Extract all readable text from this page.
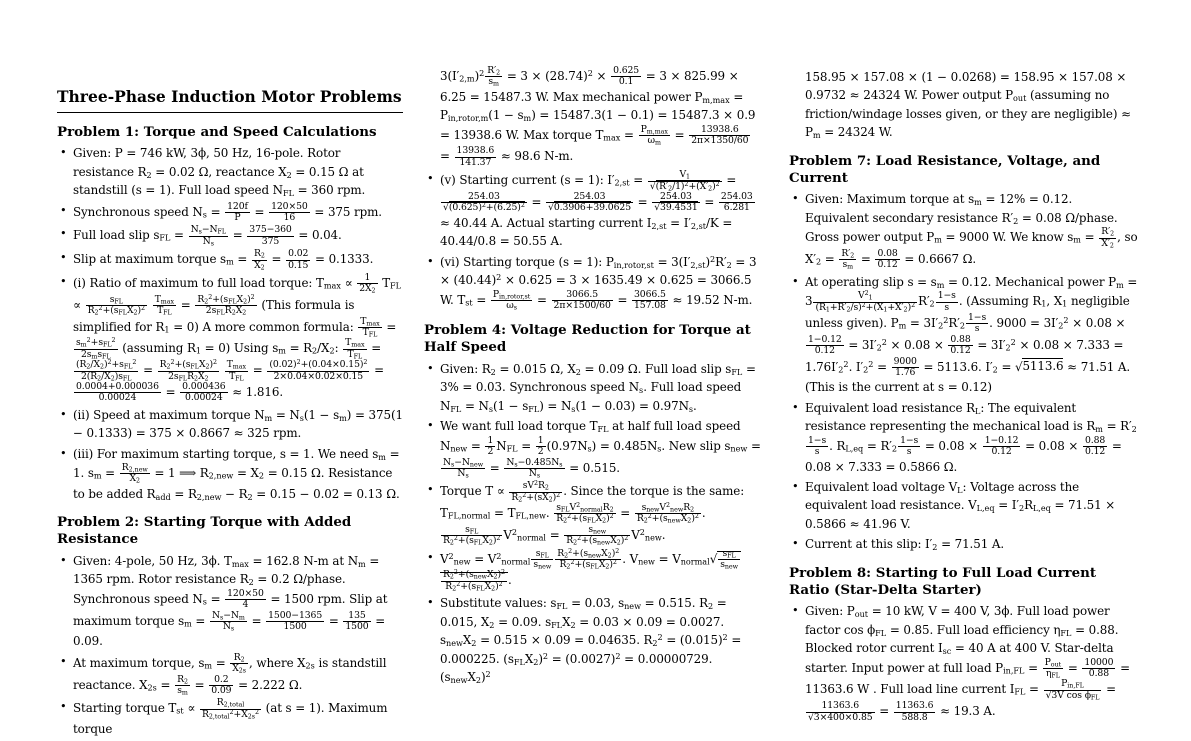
Three-Phase Induction Motor Problems
Problem 1: Torque and Speed Calculations
• Given: P = 746 kW, 3ϕ, 50 Hz, 16-pole. Rotor resistance $R_2 = 0.02$ Ω, reactance $X_2 = 0.15$ Ω at standstill (s = 1). Full load speed $N_{FL} = 360$ rpm.
• Synchronous speed $N_s = \frac{120f}{P} = \frac{120\times 50}{16} = 375$ rpm.
• Full load slip $s_{FL} = N_s-N_{FL}$
$N_s$
= $\frac{375-360}{375} = 0.04$.
• Slip at maximum torque $s_m = \frac{R_2}{X_2} = \frac{0.02}{0.15} = 0.1333$.
• (i) Ratio of maximum to full load torque: $T_{max} \propto \frac{1}{2X_2} T_{FL}$ ∝	$s_{FL}$
$R_2^2+(s_{FL}X_2)^2$

$T_{max}$
$T_{FL}$
= $R_2^2+(s_{FL}X_2)^2$
$2s_{FL}R_2X_2$
(This formula is simplified for $R_1 = 0$) A more common formula: $T_{max}$
$T_{FL}$
=
$s_m^2+s_{FL}^2$
$2s_ms_{FL}$
(assuming $R_1 = 0$) Using $s_m = R_2/X_2$: $T_{max}$
$T_{FL}$
=
$(R_2/X_2)^2+s_{FL}^2$
$2(R_2/X_2)s_{FL}$
= $R_2^2+(s_{FL}X_2)^2$
$2s_{FL}R_2X_2$

$T_{max}$
$T_{FL}$
= $\frac{(0.02)^2+(0.04\times 0.15)^2}{2\times 0.04\times 0.02\times 0.15}$ =
$\frac{0.0004+0.000036}{0.00024} = \frac{0.000436}{0.00024} \approx 1.816$.
• (ii) Speed at maximum torque $N_m = N_s(1 - s_m) = 375(1 - 0.1333) = 375 \times 0.8667 \approx 325$ rpm.
• (iii) For maximum starting torque, s = 1. We need $s_m = 1$. $s_m = R_{2,new}$
$X_2$
= 1 ⟹ $R_{2,new} = X_2 = 0.15$ Ω. Resistance to be added $R_{add} = R_{2,new} - R_2 = 0.15 - 0.02 = 0.13$ Ω.
Problem 2: Starting Torque with Added Resistance
• Given: 4-pole, 50 Hz, 3ϕ. $T_{max} = 162.8$ N-m at $N_m = 1365$ rpm. Rotor resistance $R_2 = 0.2$ Ω/phase. Synchronous speed $N_s = \frac{120\times 50}{4} = 1500$ rpm. Slip at maximum torque $s_m = \frac{N_s-N_m}{N_s} = \frac{1500-1365}{1500} = \frac{135}{1500} = 0.09$.
• At maximum torque, $s_m = \frac{R_2}{X_{2s}}$ , where $X_{2s}$ is standstill reactance. $X_{2s} = \frac{R_2}{s_m} = \frac{0.2}{0.09} = 2.222$ Ω.
• Starting torque $T_{st}$ ∝	$R_{2,total}$
$R_{2,total}^2+X_{2s}^2$ (at s = 1). Maximum torque

$3(I'_{2,m})^2 \frac{R'_2}{s_m} = 3 \times (28.74)^2 \times \frac{0.625}{0.1} = 3 \times 825.99 \times 6.25 = 15487.3$ W. Max mechanical power $P_{m,max} = P_{in,rotor,m}(1 - s_m) = 15487.3(1 - 0.1) = 15487.3 \times 0.9 = 13938.6$ W. Max torque $T_{max} = P_{m,max}$
$\omega_m$
= $\frac{13938.6}{2\pi\times 1350/60}$
= $\frac{13938.6}{141.37} \approx 98.6$ N-m.

• (v) Starting current (s = 1): $I'_{2,st} = \frac{V_1}{√(R'_2/1)^2+(X'_2)^2}$ =
$\frac{254.03}{√(0.625)^2+(6.25)^2} = \frac{254.03}{√0.3906+39.0625} = \frac{254.03}{√39.4531} = \frac{254.03}{6.281}$
≈ 40.44 A. Actual starting current $I_{2,st} = I'_{2,st}/K = 40.44/0.8 = 50.55$ A.
• (vi) Starting torque (s = 1): $P_{in,rotor,st} = 3(I'_{2,st})^2R'_2 = 3 \times (40.44)^2 \times 0.625 = 3 \times 1635.49 \times 0.625 = 3066.5$ W. $T_{st} = P_{in,rotor,st}$
$\omega_s$
= $\frac{3066.5}{2\pi\times 1500/60} = \frac{3066.5}{157.08} \approx 19.52$ N-m.
Problem 4: Voltage Reduction for Torque at Half Speed
• Given: $R_2 = 0.015$ Ω, $X_2 = 0.09$ Ω. Full load slip $s_{FL} = 3\% = 0.03$. Synchronous speed $N_s$. Full load speed $N_{FL} = N_s(1 - s_{FL}) = N_s(1 - 0.03) = 0.97N_s$.
• We want full load torque $T_{FL}$ at half full load speed $N_{new} = \frac{1}{2} N_{FL} = \frac{1}{2} (0.97N_s) = 0.485N_s$. New slip $s_{new}$ =
$N_s-N_{new}$
$N_s$
= $\frac{N_s-0.485N_s}{N_s} = 0.515$.
• Torque $T \propto \frac{sV^2R_2}{R_2^2+(sX_2)^2}$ . Since the torque is the same: $T_{FL,normal} = T_{FL,new}$. $s_{FL}V^2_{normal}R_2$
$R_2^2+(s_{FL}X_2)^2 = s_{new}V^2_{new}R_2$
$R_2^2+(s_{new}X_2)^2$ .
$s_{FL}$
$R_2^2+(s_{FL}X_2)^2$ $V^2_{normal}$ =	$s_{new}$
$R_2^2+(s_{new}X_2)^2$ $V^2_{new}$.
• $V^2_{new} = V^2_{normal}$
$s_{FL}$
$s_{new}$
$R_2^2+(s_{new}X_2)^2$
$R_2^2+(s_{FL}X_2)^2$ . $V_{new} = V_{normal}√$ $s_{FL}$
$s_{new}$
$R_2^2+(s_{new}X_2)^2$
$R_2^2+(s_{FL}X_2)^2$ .
• Substitute values: $s_{FL} = 0.03$, $s_{new} = 0.515$. $R_2 = 0.015$, $X_2 = 0.09$. $s_{FL}X_2 = 0.03 \times 0.09 = 0.0027$. $s_{new}X_2 = 0.515 \times 0.09 = 0.04635$. $R_2^2 = (0.015)^2 = 0.000225$. $(s_{FL}X_2)^2 = (0.0027)^2 = 0.00000729$. $(s_{new}X_2)^2$

158.95 × 157.08 × (1 − 0.0268) = 158.95 × 157.08 × 0.9732 ≈ 24324 W. Power output $P_{out}$ (assuming no friction/windage losses given, or they are negligible) ≈ $P_m = 24324$ W.

Problem 7: Load Resistance, Voltage, and Current
• Given: Maximum torque at $s_m = 12\% = 0.12$. Equivalent secondary resistance $R'_2 = 0.08$ Ω/phase. Gross power output $P_m = 9000$ W. We know $s_m = \frac{R'_2}{X'_2}$ , so $X'_2 = \frac{R'_2}{s_m} = \frac{0.08}{0.12} = 0.6667$ Ω.
• At operating slip $s = s_m = 0.12$. Mechanical power $P_m = 3 \frac{V^2_1}{(R_1+R'_2/s)^2+(X_1+X'_2)^2} R'_2 \frac{1-s}{s}$ . (Assuming $R_1$, $X_1$ negligible unless given). $P_m = 3I'_2^2R'_2 \frac{1-s}{s}$ . $9000 = 3I'_2^2 \times 0.08$ ×
$\frac{1-0.12}{0.12} = 3I'_2^2 \times 0.08 \times \frac{0.88}{0.12} = 3I'_2^2 \times 0.08 \times 7.333 = 1.76I'_2^2$. $I'_2^2 = \frac{9000}{1.76} = 5113.6$. $I'_2 = √5113.6 \approx 71.51$ A. (This is the current at s = 0.12)
• Equivalent load resistance $R_L$: The equivalent resistance representing the mechanical load is $R_m = R'_2$
$\frac{1-s}{s}$ . $R_{L,eq} = R'_2 \frac{1-s}{s} = 0.08 \times \frac{1-0.12}{0.12} = 0.08 \times \frac{0.88}{0.12} = 0.08 \times 7.333 = 0.5866$ Ω.
• Equivalent load voltage $V_L$: Voltage across the equivalent load resistance. $V_{L,eq} = I'_2R_{L,eq} = 71.51 \times 0.5866 \approx 41.96$ V.
• Current at this slip: $I'_2 = 71.51$ A.
Problem 8: Starting to Full Load Current Ratio (Star-Delta Starter)
• Given: $P_{out} = 10$ kW, V = 400 V, 3ϕ. Full load power factor $\cos \phi_{FL} = 0.85$. Full load efficiency $\eta_{FL} = 0.88$. Blocked rotor current $I_{sc} = 40$ A at 400 V. Star-delta starter. Input power at full load $P_{in,FL} = P_{out}$
$\eta_{FL}$
= $\frac{10000}{0.88} = 11363.6$ W . Full load line current $I_{FL}$ =	$P_{in,FL}$
√3V $\cos \phi_{FL}$
=
$\frac{11363.6}{√3\times 400\times 0.85} = \frac{11363.6}{588.8} \approx 19.3$ A.
